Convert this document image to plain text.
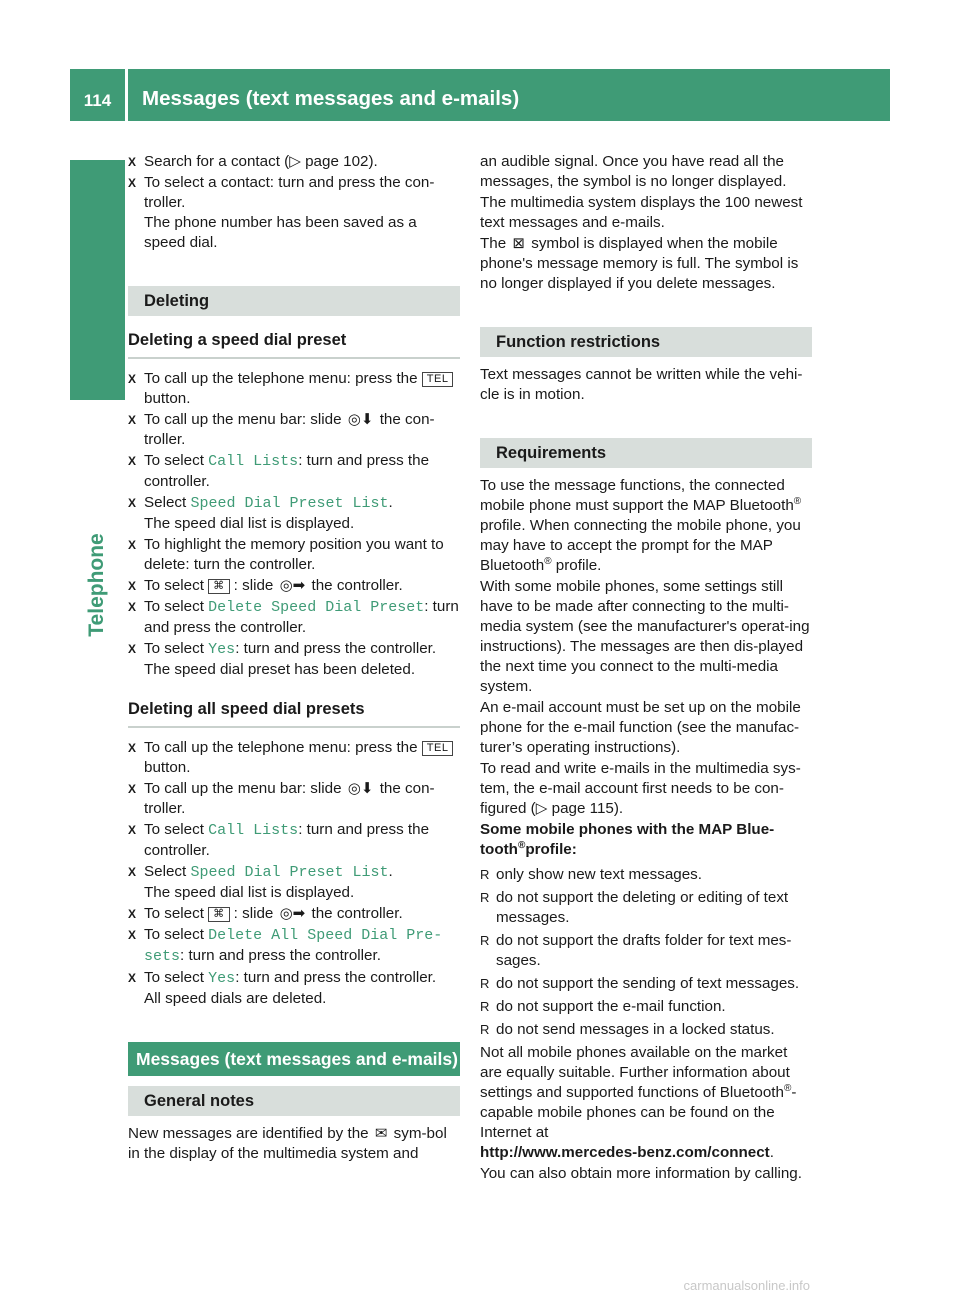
114	Messages (text messages and e-mails)
Telephone
X Search for a contact (▷ page 102).
X To select a contact: turn and press the con-troller.
The phone number has been saved as a speed dial.
Deleting
Deleting a speed dial preset
X To call up the telephone menu: press the TELbutton.
X To call up the menu bar: slide ◎⬇ the con-troller.
X To select Call Lists: turn and press the controller.
X Select Speed Dial Preset List.
The speed dial list is displayed.
X To highlight the memory position you want to delete: turn the controller.
X To select ⌘ : slide ◎➡ the controller.
X To select Delete Speed Dial Preset: turn and press the controller.
X To select Yes: turn and press the controller.
The speed dial preset has been deleted.
Deleting all speed dial presets
X To call up the telephone menu: press the TELbutton.
X To call up the menu bar: slide ◎⬇ the con-troller.
X To select Call Lists: turn and press the controller.
X Select Speed Dial Preset List.
The speed dial list is displayed.
X To select ⌘ : slide ◎➡ the controller.
X To select Delete All Speed Dial Pre‐ sets: turn and press the controller.
X To select Yes: turn and press the controller.
All speed dials are deleted.
Messages (text messages and e-mails)
General notes

New messages are identified by the ✉ sym-bol in the display of the multimedia system and

an audible signal. Once you have read all the messages, the symbol is no longer displayed.

The multimedia system displays the 100 newest text messages and e-mails.

The ⊠ symbol is displayed when the mobile phone's message memory is full. The symbol is no longer displayed if you delete messages.

Function restrictions

Text messages cannot be written while the vehi-cle is in motion.

Requirements

To use the message functions, the connected mobile phone must support the MAP Bluetooth® profile. When connecting the mobile phone, you may have to accept the prompt for the MAP Bluetooth® profile.

With some mobile phones, some settings still have to be made after connecting to the multi-media system (see the manufacturer's operat-ing instructions). The messages are then dis-played the next time you connect to the multi-media system.

An e-mail account must be set up on the mobile phone for the e-mail function (see the manufac-turer’s operating instructions).

To read and write e-mails in the multimedia sys-tem, the e-mail account first needs to be con-figured (▷ page 115).

Some mobile phones with the MAP Blue-tooth®profile:

R only show new text messages.
R do not support the deleting or editing of text messages.
R do not support the drafts folder for text mes-sages.
R do not support the sending of text messages.
R do not support the e-mail function.
R do not send messages in a locked status.

Not all mobile phones available on the market are equally suitable. Further information about settings and supported functions of Bluetooth®-capable mobile phones can be found on the Internet at
http://www.mercedes-benz.com/connect.

You can also obtain more information by calling.

carmanualsonline.info
